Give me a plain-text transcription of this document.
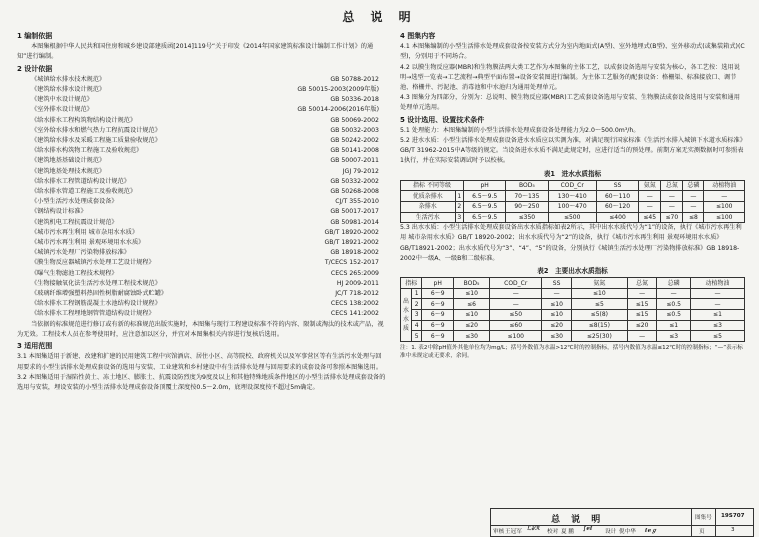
总 说 明
1 编制依据
本图集根据中华人民共和国住房和城乡建设部建质函[2014]119号“关于印发《2014年国家建筑标准设计编制工作计划》的通知”进行编制。
2 设计依据
《城镇给水排水技术规范》	GB 50788-2012
《建筑给水排水设计规范》	GB 50015-2003(2009年版)
《建筑中水设计规范》	GB 50336-2018
《室外排水设计规范》	GB 50014-2006(2016年版)
《给水排水工程构筑物结构设计规范》	GB 50069-2002
《室外给水排水和燃气热力工程抗震设计规范》	GB 50032-2003
《建筑给水排水及采暖工程施工质量验收规范》	GB 50242-2002
《给水排水构筑物工程施工及验收规范》	GB 50141-2008
《建筑地基基础设计规范》	GB 50007-2011
《建筑地基处理技术规范》	JGJ 79-2012
《给水排水工程管道结构设计规范》	GB 50332-2002
《给水排水管道工程施工及验收规范》	GB 50268-2008
《小型生活污水处理成套设备》	CJ/T 355-2010
《钢结构设计标准》	GB 50017-2017
《建筑机电工程抗震设计规范》	GB 50981-2014
《城市污水再生利用 城市杂用水水质》	GB/T 18920-2002
《城市污水再生利用 景观环境用水水质》	GB/T 18921-2002
《城镇污水处理厂污染物排放标准》	GB 18918-2002
《膜生物反应器城镇污水处理工艺设计规程》	T/CECS 152-2017
《曝气生物滤池工程技术规程》	CECS 265:2009
《生物接触氧化法生活污水处理工程技术规范》	HJ 2009-2011
《玻璃纤维增强塑料热固性树脂耐腐蚀卧式贮罐》	JC/T 718-2012
《给水排水工程钢筋混凝土水池结构设计规程》	CECS 138:2002
《给水排水工程埋地钢管管道结构设计规程》	CECS 141:2002
当依据的标准规范进行修订或有新的标准规范出版实施时，本图集与现行工程建设标准不符的内容、限制或淘汰的技术或产品，视为无效。工程技术人员在参考使用时，应注意加以区分，并宜对本图集相关内容进行复核后选用。
3 适用范围
3.1 本图集适用于新建、改建和扩建的民用建筑工程中宾馆酒店、居住小区、高等院校、政府机关以及军事营区等有生活污水处理与回用要求的小型生活排水处理成套设备的选用与安装、工业建筑和乡村建设中有生活排水处理与回用要求的成套设备可参照本图集选用。
3.2 本图集适用于湿陷性黄土、冻土地区、膨胀土、抗震设防烈度为9度及以上和其他特殊地质条件地区的小型生活排水处理成套设备的选用与安装，埋设安装的小型生活排水处理成套设备顶覆土深度按0.5～2.0m，底埋设深度按不超过5m确定。
4 图集内容
4.1 本图集编制的小型生活排水处理成套设备按安装方式分为室内地面式(A型)、室外地埋式(B型)、室外移动式(或集装箱式)(C型)，分别用于不同场合。
4.2 以膜生物反应器(MBR)和生物膜法两大类工艺作为本图集的主体工艺，以成套设备选用与安装为核心，各工艺按：选用说明→选型一览表→工艺流程→典型平面布置→设备安装图进行编制。为主体工艺服务的配套设备：格栅渠、标准接放口、调节池、格栅井、污泥池、消毒池和中水池归为通用处理单元。
4.3 图集分为四部分，分别为：总说明、膜生物反应器(MBR)工艺成套设备选用与安装、生物膜法成套设备选用与安装和通用处理单元选用。
5 设计选用、设置技术条件
5.1 处理能力：本图集编制的小型生活排水处理成套设备处理能力为2.0～500.0m³/h。
5.2 进水水质：小型生活排水处理成套设备进水水质应以实测为准，对满足现行国家标准《生活污水排入城镇下水道水质标准》GB/T 31962-2015中A等级的规定。当设备进水水质不满足此规定时，应进行适当的预处理。前期方案无实测数据时可参照表1执行，并在实际安装调试时予以校核。
表1　进水水质指标
指标 不同等级		pH	BOD₅	COD_Cr	SS	氨氮	总氮	总磷	动植物油
优质杂排水	1	6.5～9.5	70～135	130～410	60～110	—	—	—	—
杂排水	2	6.5～9.5	90～250	100～470	60～120	—	—	—	≤100
生活污水	3	6.5～9.5	≤350	≤500	≤400	≤45	≤70	≤8	≤100
5.3 出水水质：小型生活排水处理成套设备出水水质指标如表2所示，其中出水水质代号为“1”的设备，执行《城市污水再生利用 城市杂用水水质》GB/T 18920-2002；出水水质代号为“2”的设备，执行《城市污水再生利用 景观环境用水水质》GB/T18921-2002；出水水质代号为“3”、“4”、“5”的设备，分别执行《城镇生活污水处理厂污染物排放标准》GB 18918-2002中一级A、一级B和二级标准。
表2　主要出水水质指标
指标		pH	BOD₅	COD_Cr	SS	氨氮	总氮	总磷	动植物油
出水水质	1	6～9	≤10	—	—	≤10	—	—	—
	2	6～9	≤6	—	≤10	≤5	≤15	≤0.5	—
	3	6～9	≤10	≤50	≤10	≤5(8)	≤15	≤0.5	≤1
	4	6～9	≤20	≤60	≤20	≤8(15)	≤20	≤1	≤3
	5	6～9	≤30	≤100	≤30	≤25(30)	—	≤3	≤5
注：1. 表2中除pH值外其他单位均为mg/L；括号外数值为水温>12℃时的控制指标，括号内数值为水温≤12℃时的控制指标；“—”表示标准中未规定或无要求，余同。
总 说 明	图集号 19S707
审核 王冠军 ℒ∂ℛ 校对 夏 鹏 ∫ℯℓ 设计 倪中华 ℓℯℊ	页	3
